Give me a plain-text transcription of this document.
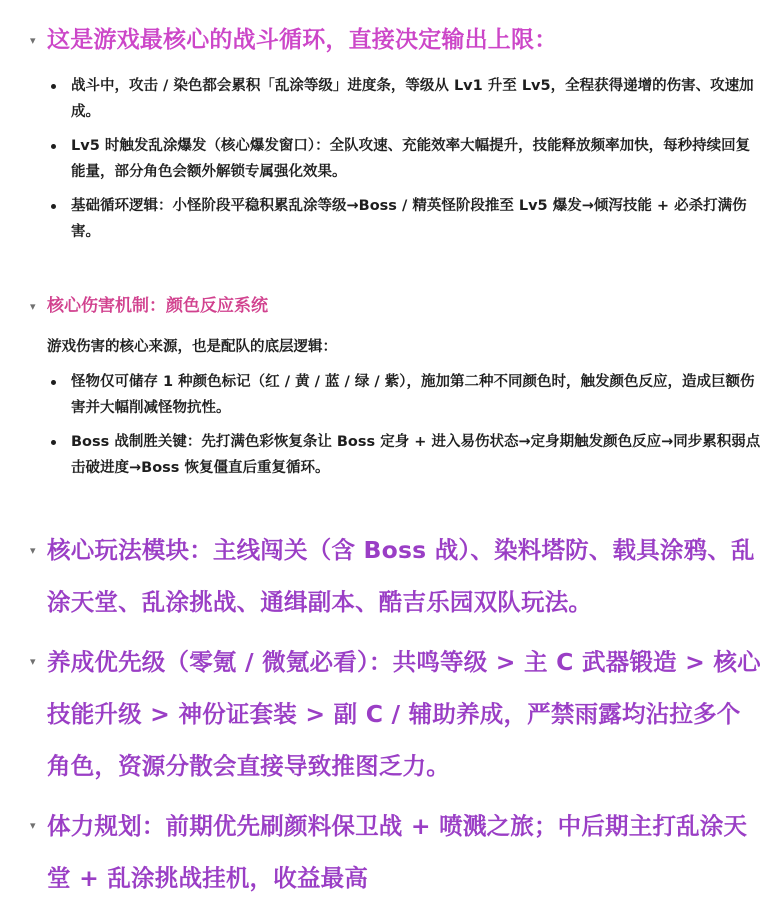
▾ 这是游戏最核心的战斗循环，直接决定输出上限：
战斗中，攻击 / 染色都会累积「乱涂等级」进度条，等级从 Lv1 升至 Lv5，全程获得递增的伤害、攻速加成。
Lv5 时触发乱涂爆发（核心爆发窗口）：全队攻速、充能效率大幅提升，技能释放频率加快，每秒持续回复能量，部分角色会额外解锁专属强化效果。
基础循环逻辑：小怪阶段平稳积累乱涂等级→Boss / 精英怪阶段推至 Lv5 爆发→倾泻技能 + 必杀打满伤害。
▾ 核心伤害机制：颜色反应系统
游戏伤害的核心来源，也是配队的底层逻辑：
怪物仅可储存 1 种颜色标记（红 / 黄 / 蓝 / 绿 / 紫），施加第二种不同颜色时，触发颜色反应，造成巨额伤害并大幅削减怪物抗性。
Boss 战制胜关键：先打满色彩恢复条让 Boss 定身 + 进入易伤状态→定身期触发颜色反应→同步累积弱点击破进度→Boss 恢复僵直后重复循环。
▾ 核心玩法模块：主线闯关（含 Boss 战）、染料塔防、载具涂鸦、乱涂天堂、乱涂挑战、通缉副本、酷吉乐园双队玩法。
▾ 养成优先级（零氪 / 微氪必看）：共鸣等级 > 主 C 武器锻造 > 核心技能升级 > 神份证套装 > 副 C / 辅助养成，严禁雨露均沾拉多个角色，资源分散会直接导致推图乏力。
▾ 体力规划：前期优先刷颜料保卫战 + 喷溅之旅；中后期主打乱涂天堂 + 乱涂挑战挂机，收益最高
